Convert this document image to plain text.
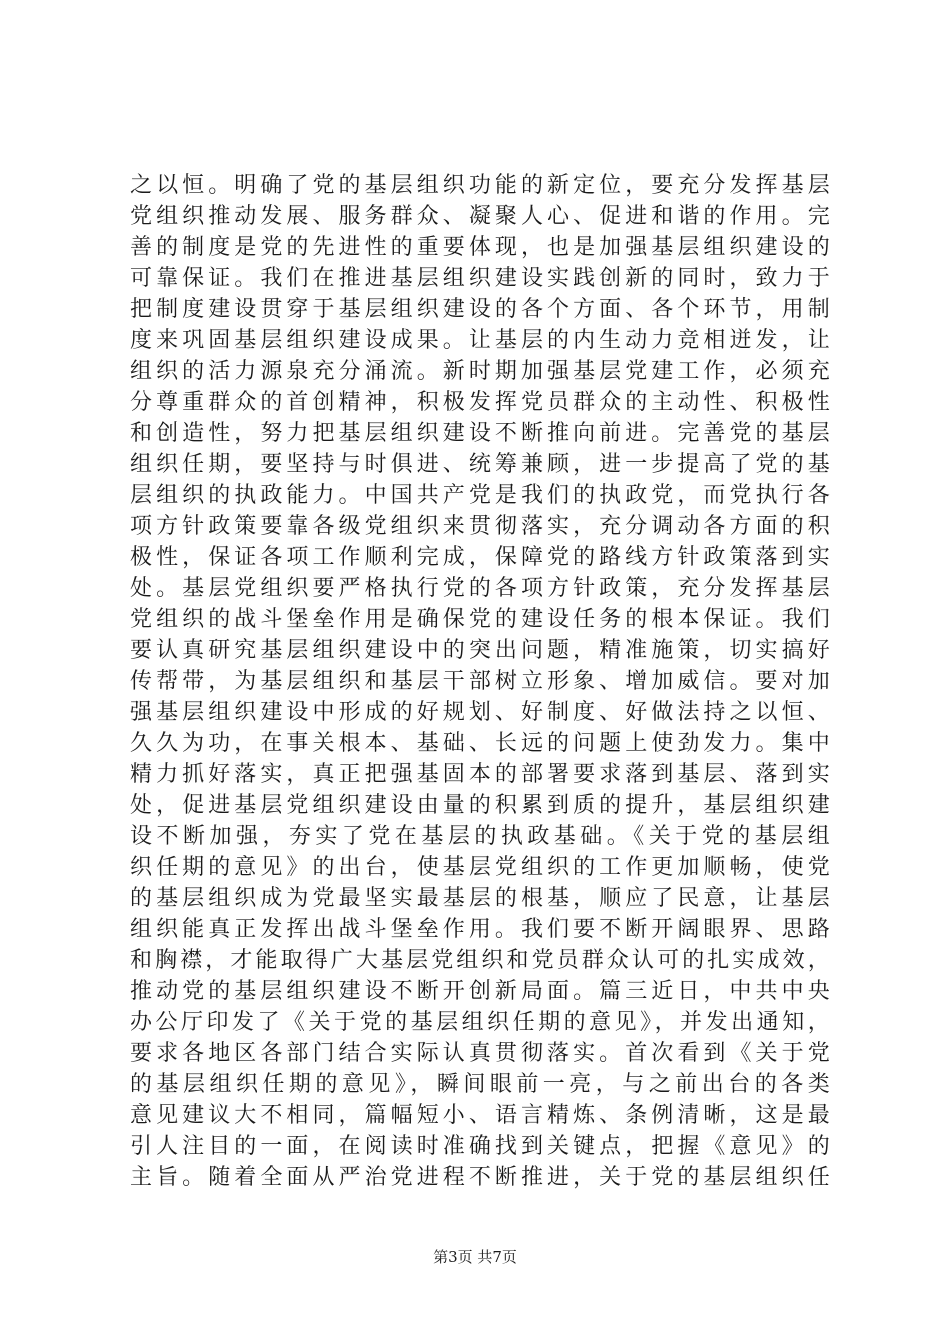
之以恒。明确了党的基层组织功能的新定位，要充分发挥基层
党组织推动发展、服务群众、凝聚人心、促进和谐的作用。完
善的制度是党的先进性的重要体现，也是加强基层组织建设的
可靠保证。我们在推进基层组织建设实践创新的同时，致力于
把制度建设贯穿于基层组织建设的各个方面、各个环节，用制
度来巩固基层组织建设成果。让基层的内生动力竞相迸发，让
组织的活力源泉充分涌流。新时期加强基层党建工作，必须充
分尊重群众的首创精神，积极发挥党员群众的主动性、积极性
和创造性，努力把基层组织建设不断推向前进。完善党的基层
组织任期，要坚持与时俱进、统筹兼顾，进一步提高了党的基
层组织的执政能力。中国共产党是我们的执政党，而党执行各
项方针政策要靠各级党组织来贯彻落实，充分调动各方面的积
极性，保证各项工作顺利完成，保障党的路线方针政策落到实
处。基层党组织要严格执行党的各项方针政策，充分发挥基层
党组织的战斗堡垒作用是确保党的建设任务的根本保证。我们
要认真研究基层组织建设中的突出问题，精准施策，切实搞好
传帮带，为基层组织和基层干部树立形象、增加威信。要对加
强基层组织建设中形成的好规划、好制度、好做法持之以恒、
久久为功，在事关根本、基础、长远的问题上使劲发力。集中
精力抓好落实，真正把强基固本的部署要求落到基层、落到实
处，促进基层党组织建设由量的积累到质的提升，基层组织建
设不断加强，夯实了党在基层的执政基础。《关于党的基层组
织任期的意见》的出台，使基层党组织的工作更加顺畅，使党
的基层组织成为党最坚实最基层的根基，顺应了民意，让基层
组织能真正发挥出战斗堡垒作用。我们要不断开阔眼界、思路
和胸襟，才能取得广大基层党组织和党员群众认可的扎实成效，
推动党的基层组织建设不断开创新局面。篇三近日，中共中央
办公厅印发了《关于党的基层组织任期的意见》，并发出通知，
要求各地区各部门结合实际认真贯彻落实。首次看到《关于党
的基层组织任期的意见》，瞬间眼前一亮，与之前出台的各类
意见建议大不相同，篇幅短小、语言精炼、条例清晰，这是最
引人注目的一面，在阅读时准确找到关键点，把握《意见》的
主旨。随着全面从严治党进程不断推进，关于党的基层组织任
第3页 共7页
